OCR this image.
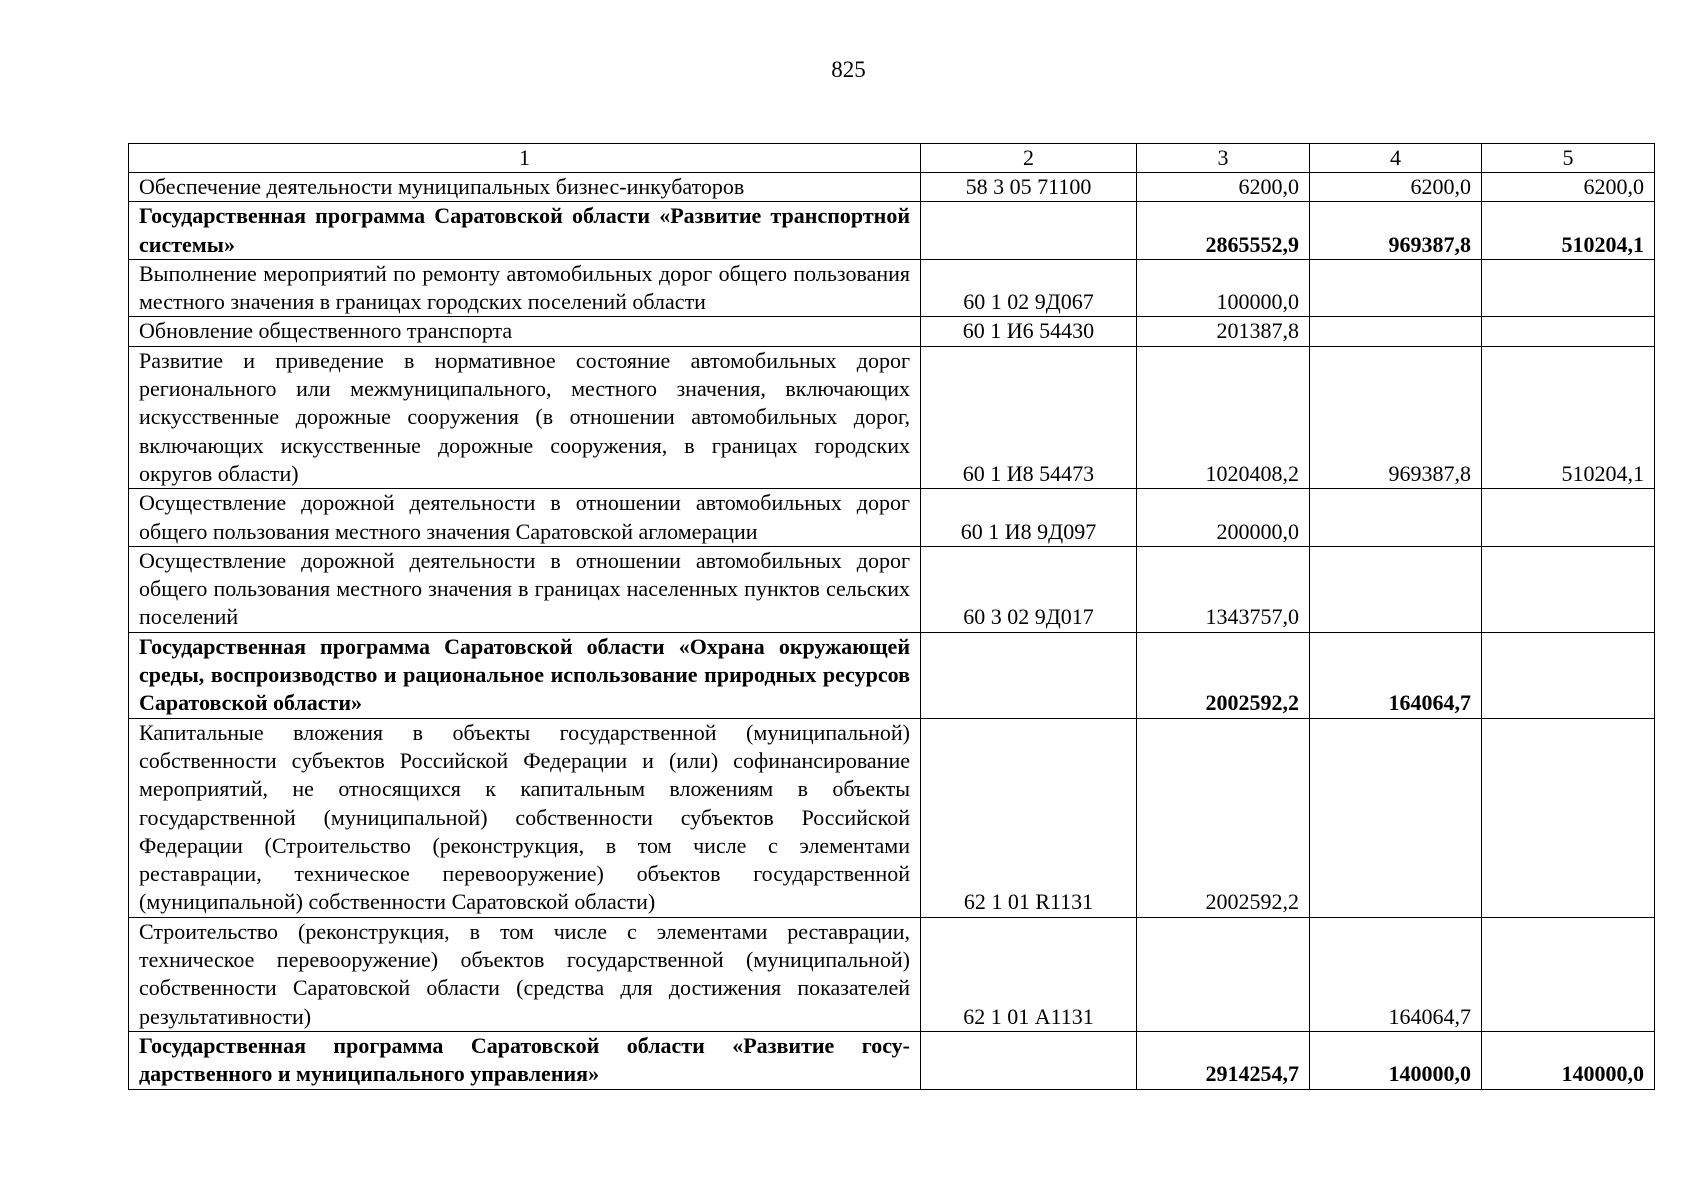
825
1	2	3	4	5
Обеспечение деятельности муниципальных бизнес-инкубаторов	58 3 05 71100	6200,0	6200,0	6200,0
Государственная программа Саратовской области «Развитие транспортной системы»		2865552,9	969387,8	510204,1
Выполнение мероприятий по ремонту автомобильных дорог общего пользования местного значения в границах городских поселений области	60 1 02 9Д067	100000,0		
Обновление общественного транспорта	60 1 И6 54430	201387,8		
Развитие и приведение в нормативное состояние автомобильных дорог регионального или межмуниципального, местного значения, включающих искусственные дорожные сооружения (в отношении автомобильных дорог, включающих искусственные дорожные сооружения, в границах городских округов области)	60 1 И8 54473	1020408,2	969387,8	510204,1
Осуществление дорожной деятельности в отношении автомобильных дорог общего пользования местного значения Саратовской агломерации	60 1 И8 9Д097	200000,0		
Осуществление дорожной деятельности в отношении автомобильных дорог общего пользования местного значения в границах населенных пунктов сельских поселений	60 3 02 9Д017	1343757,0		
Государственная программа Саратовской области «Охрана окружающей среды, воспроизводство и рациональное использование природных ресурсов Саратовской области»		2002592,2	164064,7	
Капитальные вложения в объекты государственной (муниципальной) собственности субъектов Российской Федерации и (или) софинансирование мероприятий, не относящихся к капитальным вложениям в объекты государственной (муниципальной) собственности субъектов Российской Федерации (Строительство (реконструкция, в том числе с элементами реставрации, техническое перевооружение) объектов государственной (муниципальной) собственности Саратовской области)	62 1 01 R1131	2002592,2		
Строительство (реконструкция, в том числе с элементами реставрации, техническое перевооружение) объектов государственной (муниципальной) собственности Саратовской области (средства для достижения показателей результативности)	62 1 01 А1131		164064,7	
Государственная программа Саратовской области «Развитие государственного и муниципального управления»		2914254,7	140000,0	140000,0
